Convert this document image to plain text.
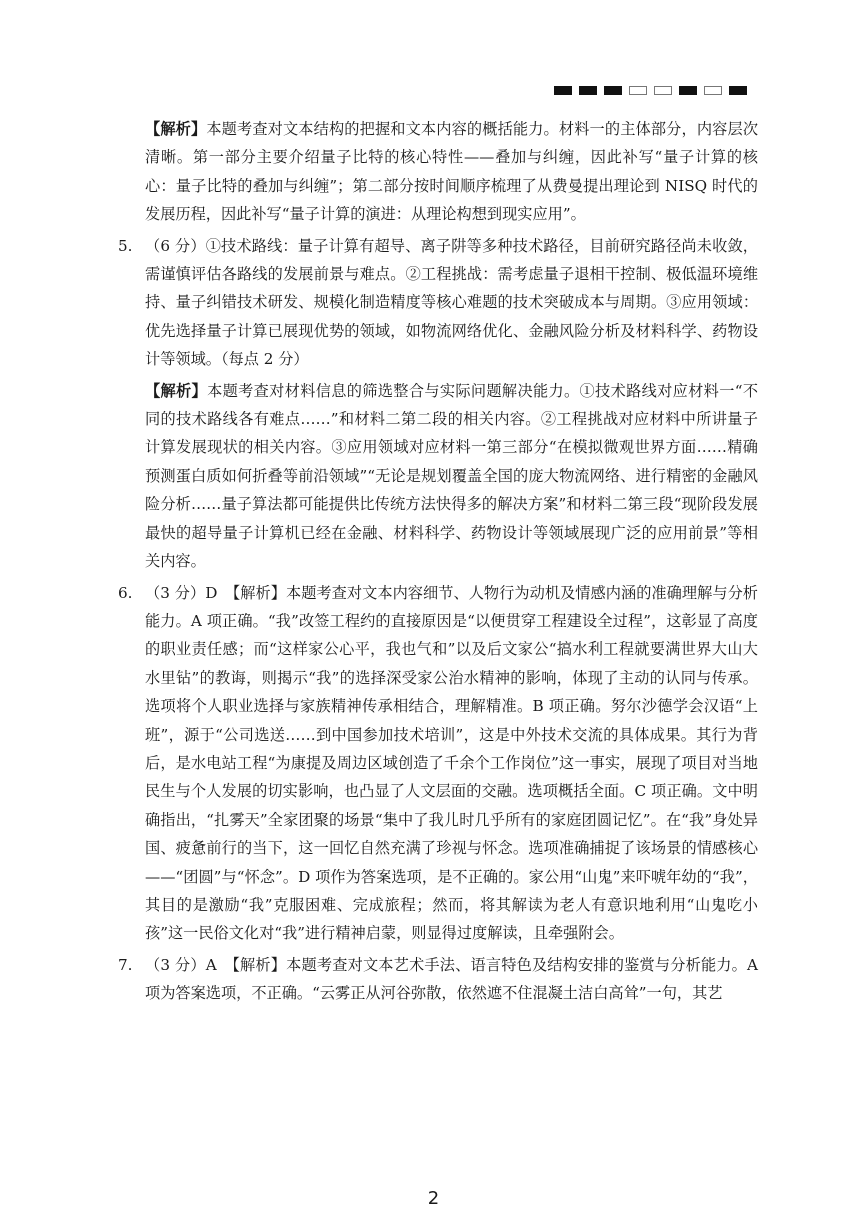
【解析】本题考查对文本结构的把握和文本内容的概括能力。材料一的主体部分，内容层次清晰。第一部分主要介绍量子比特的核心特性——叠加与纠缠，因此补写“量子计算的核心：量子比特的叠加与纠缠”；第二部分按时间顺序梳理了从费曼提出理论到 NISQ 时代的发展历程，因此补写“量子计算的演进：从理论构想到现实应用”。

5. （6 分）①技术路线：量子计算有超导、离子阱等多种技术路径，目前研究路径尚未收敛，需谨慎评估各路线的发展前景与难点。②工程挑战：需考虑量子退相干控制、极低温环境维持、量子纠错技术研发、规模化制造精度等核心难题的技术突破成本与周期。③应用领域：优先选择量子计算已展现优势的领域，如物流网络优化、金融风险分析及材料科学、药物设计等领域。（每点 2 分）

【解析】本题考查对材料信息的筛选整合与实际问题解决能力。①技术路线对应材料一“不同的技术路线各有难点……”和材料二第二段的相关内容。②工程挑战对应材料中所讲量子计算发展现状的相关内容。③应用领域对应材料一第三部分“在模拟微观世界方面……精确预测蛋白质如何折叠等前沿领域”“无论是规划覆盖全国的庞大物流网络、进行精密的金融风险分析……量子算法都可能提供比传统方法快得多的解决方案”和材料二第三段“现阶段发展最快的超导量子计算机已经在金融、材料科学、药物设计等领域展现广泛的应用前景”等相关内容。

6. （3 分）D　【解析】本题考查对文本内容细节、人物行为动机及情感内涵的准确理解与分析能力。A 项正确。“我”改签工程约的直接原因是“以便贯穿工程建设全过程”，这彰显了高度的职业责任感；而“这样家公心平，我也气和”以及后文家公“搞水利工程就要满世界大山大水里钻”的教诲，则揭示“我”的选择深受家公治水精神的影响，体现了主动的认同与传承。选项将个人职业选择与家族精神传承相结合，理解精准。B 项正确。努尔沙德学会汉语“上班”，源于“公司选送……到中国参加技术培训”，这是中外技术交流的具体成果。其行为背后，是水电站工程“为康提及周边区域创造了千余个工作岗位”这一事实，展现了项目对当地民生与个人发展的切实影响，也凸显了人文层面的交融。选项概括全面。C 项正确。文中明确指出，“扎雾天”全家团聚的场景“集中了我儿时几乎所有的家庭团圆记忆”。在“我”身处异国、疲惫前行的当下，这一回忆自然充满了珍视与怀念。选项准确捕捉了该场景的情感核心——“团圆”与“怀念”。D 项作为答案选项，是不正确的。家公用“山鬼”来吓唬年幼的“我”，其目的是激励“我”克服困难、完成旅程；然而，将其解读为老人有意识地利用“山鬼吃小孩”这一民俗文化对“我”进行精神启蒙，则显得过度解读，且牵强附会。
7. （3 分）A　【解析】本题考查对文本艺术手法、语言特色及结构安排的鉴赏与分析能力。A 项为答案选项，不正确。“云雾正从河谷弥散，依然遮不住混凝土洁白高耸”一句，其艺
2
